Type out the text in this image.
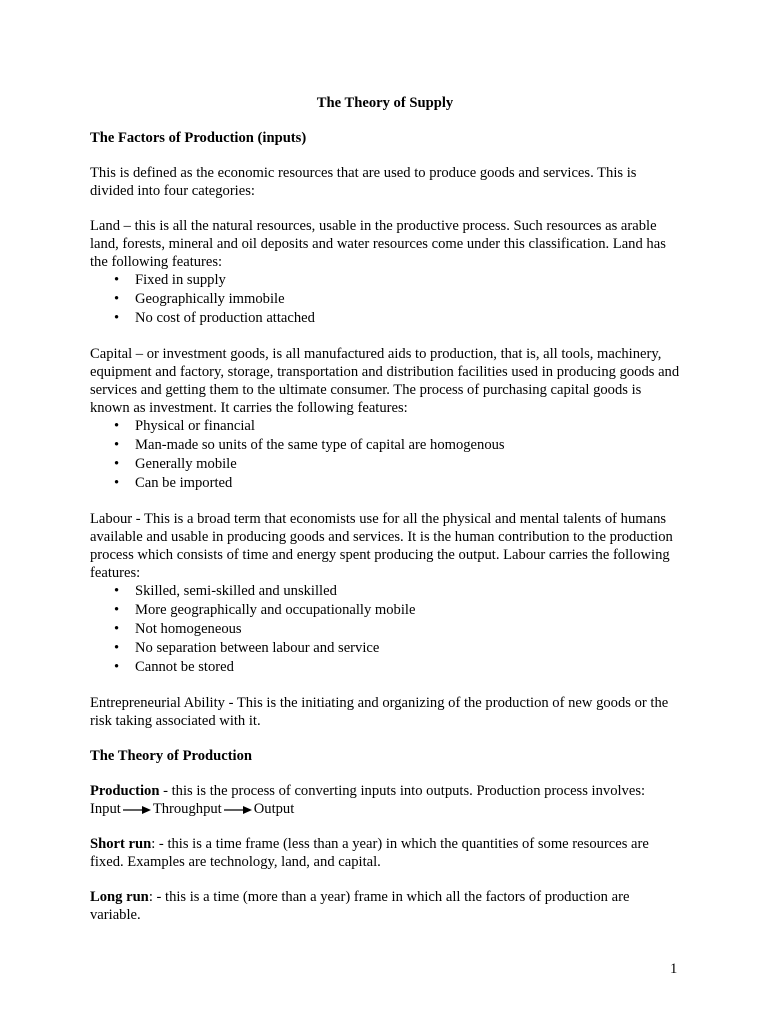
The Theory of Supply
The Factors of Production (inputs)

This is defined as the economic resources that are used to produce goods and services. This is divided into four categories:

Land – this is all the natural resources, usable in the productive process. Such resources as arable land, forests, mineral and oil deposits and water resources come under this classification. Land has the following features:

• Fixed in supply
• Geographically immobile
• No cost of production attached

Capital – or investment goods, is all manufactured aids to production, that is, all tools, machinery, equipment and factory, storage, transportation and distribution facilities used in producing goods and services and getting them to the ultimate consumer. The process of purchasing capital goods is known as investment. It carries the following features:

• Physical or financial
• Man-made so units of the same type of capital are homogenous
• Generally mobile
• Can be imported

Labour - This is a broad term that economists use for all the physical and mental talents of humans available and usable in producing goods and services. It is the human contribution to the production process which consists of time and energy spent producing the output. Labour carries the following features:

• Skilled, semi-skilled and unskilled
• More geographically and occupationally mobile
• Not homogeneous
• No separation between labour and service
• Cannot be stored

Entrepreneurial Ability - This is the initiating and organizing of the production of new goods or the risk taking associated with it.

The Theory of Production

Production - this is the process of converting inputs into outputs. Production process involves:
Input Throughput Output

Short run: - this is a time frame (less than a year) in which the quantities of some resources are fixed. Examples are technology, land, and capital.

Long run: - this is a time (more than a year) frame in which all the factors of production are variable.

1
